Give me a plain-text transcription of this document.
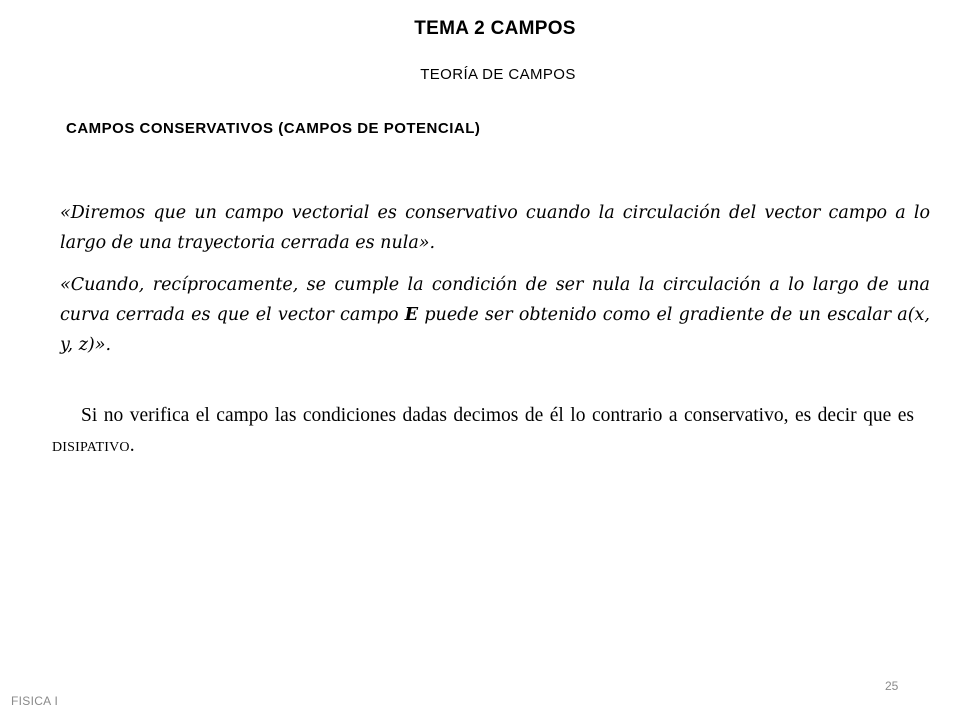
TEMA 2 CAMPOS
TEORÍA DE CAMPOS
CAMPOS CONSERVATIVOS (CAMPOS DE POTENCIAL)
«Diremos que un campo vectorial es conservativo cuando la circulación del vector campo a lo largo de una trayectoria cerrada es nula».
«Cuando, recíprocamente, se cumple la condición de ser nula la circulación a lo largo de una curva cerrada es que el vector campo E puede ser obtenido como el gradiente de un escalar a(x, y, z)».
Si no verifica el campo las condiciones dadas decimos de él lo contrario a conservativo, es decir que es DISIPATIVO.
FISICA I
25
